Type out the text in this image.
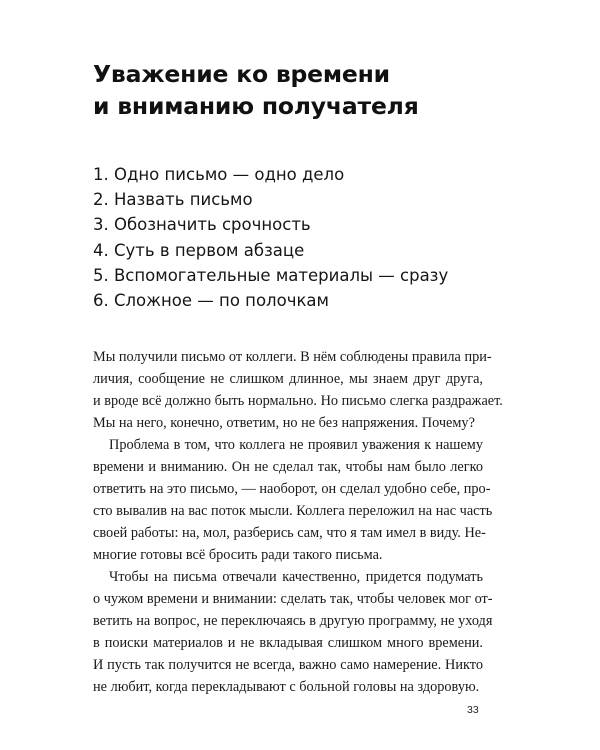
Уважение ко времени
и вниманию получателя
1. Одно письмо — одно дело
2. Назвать письмо
3. Обозначить срочность
4. Суть в первом абзаце
5. Вспомогательные материалы — сразу
6. Сложное — по полочкам

Мы получили письмо от коллеги. В нём соблюдены правила при-
личия, сообщение не слишком длинное, мы знаем друг друга,
и вроде всё должно быть нормально. Но письмо слегка раздражает.
Мы на него, конечно, ответим, но не без напряжения. Почему?

Проблема в том, что коллега не проявил уважения к нашему
времени и вниманию. Он не сделал так, чтобы нам было легко
ответить на это письмо, — наоборот, он сделал удобно себе, про-
сто вывалив на вас поток мысли. Коллега переложил на нас часть
своей работы: на, мол, разберись сам, что я там имел в виду. Не-
многие готовы всё бросить ради такого письма.

Чтобы на письма отвечали качественно, придется подумать
о чужом времени и внимании: сделать так, чтобы человек мог от-
ветить на вопрос, не переключаясь в другую программу, не уходя
в поиски материалов и не вкладывая слишком много времени.
И пусть так получится не всегда, важно само намерение. Никто
не любит, когда перекладывают с больной головы на здоровую.

33
